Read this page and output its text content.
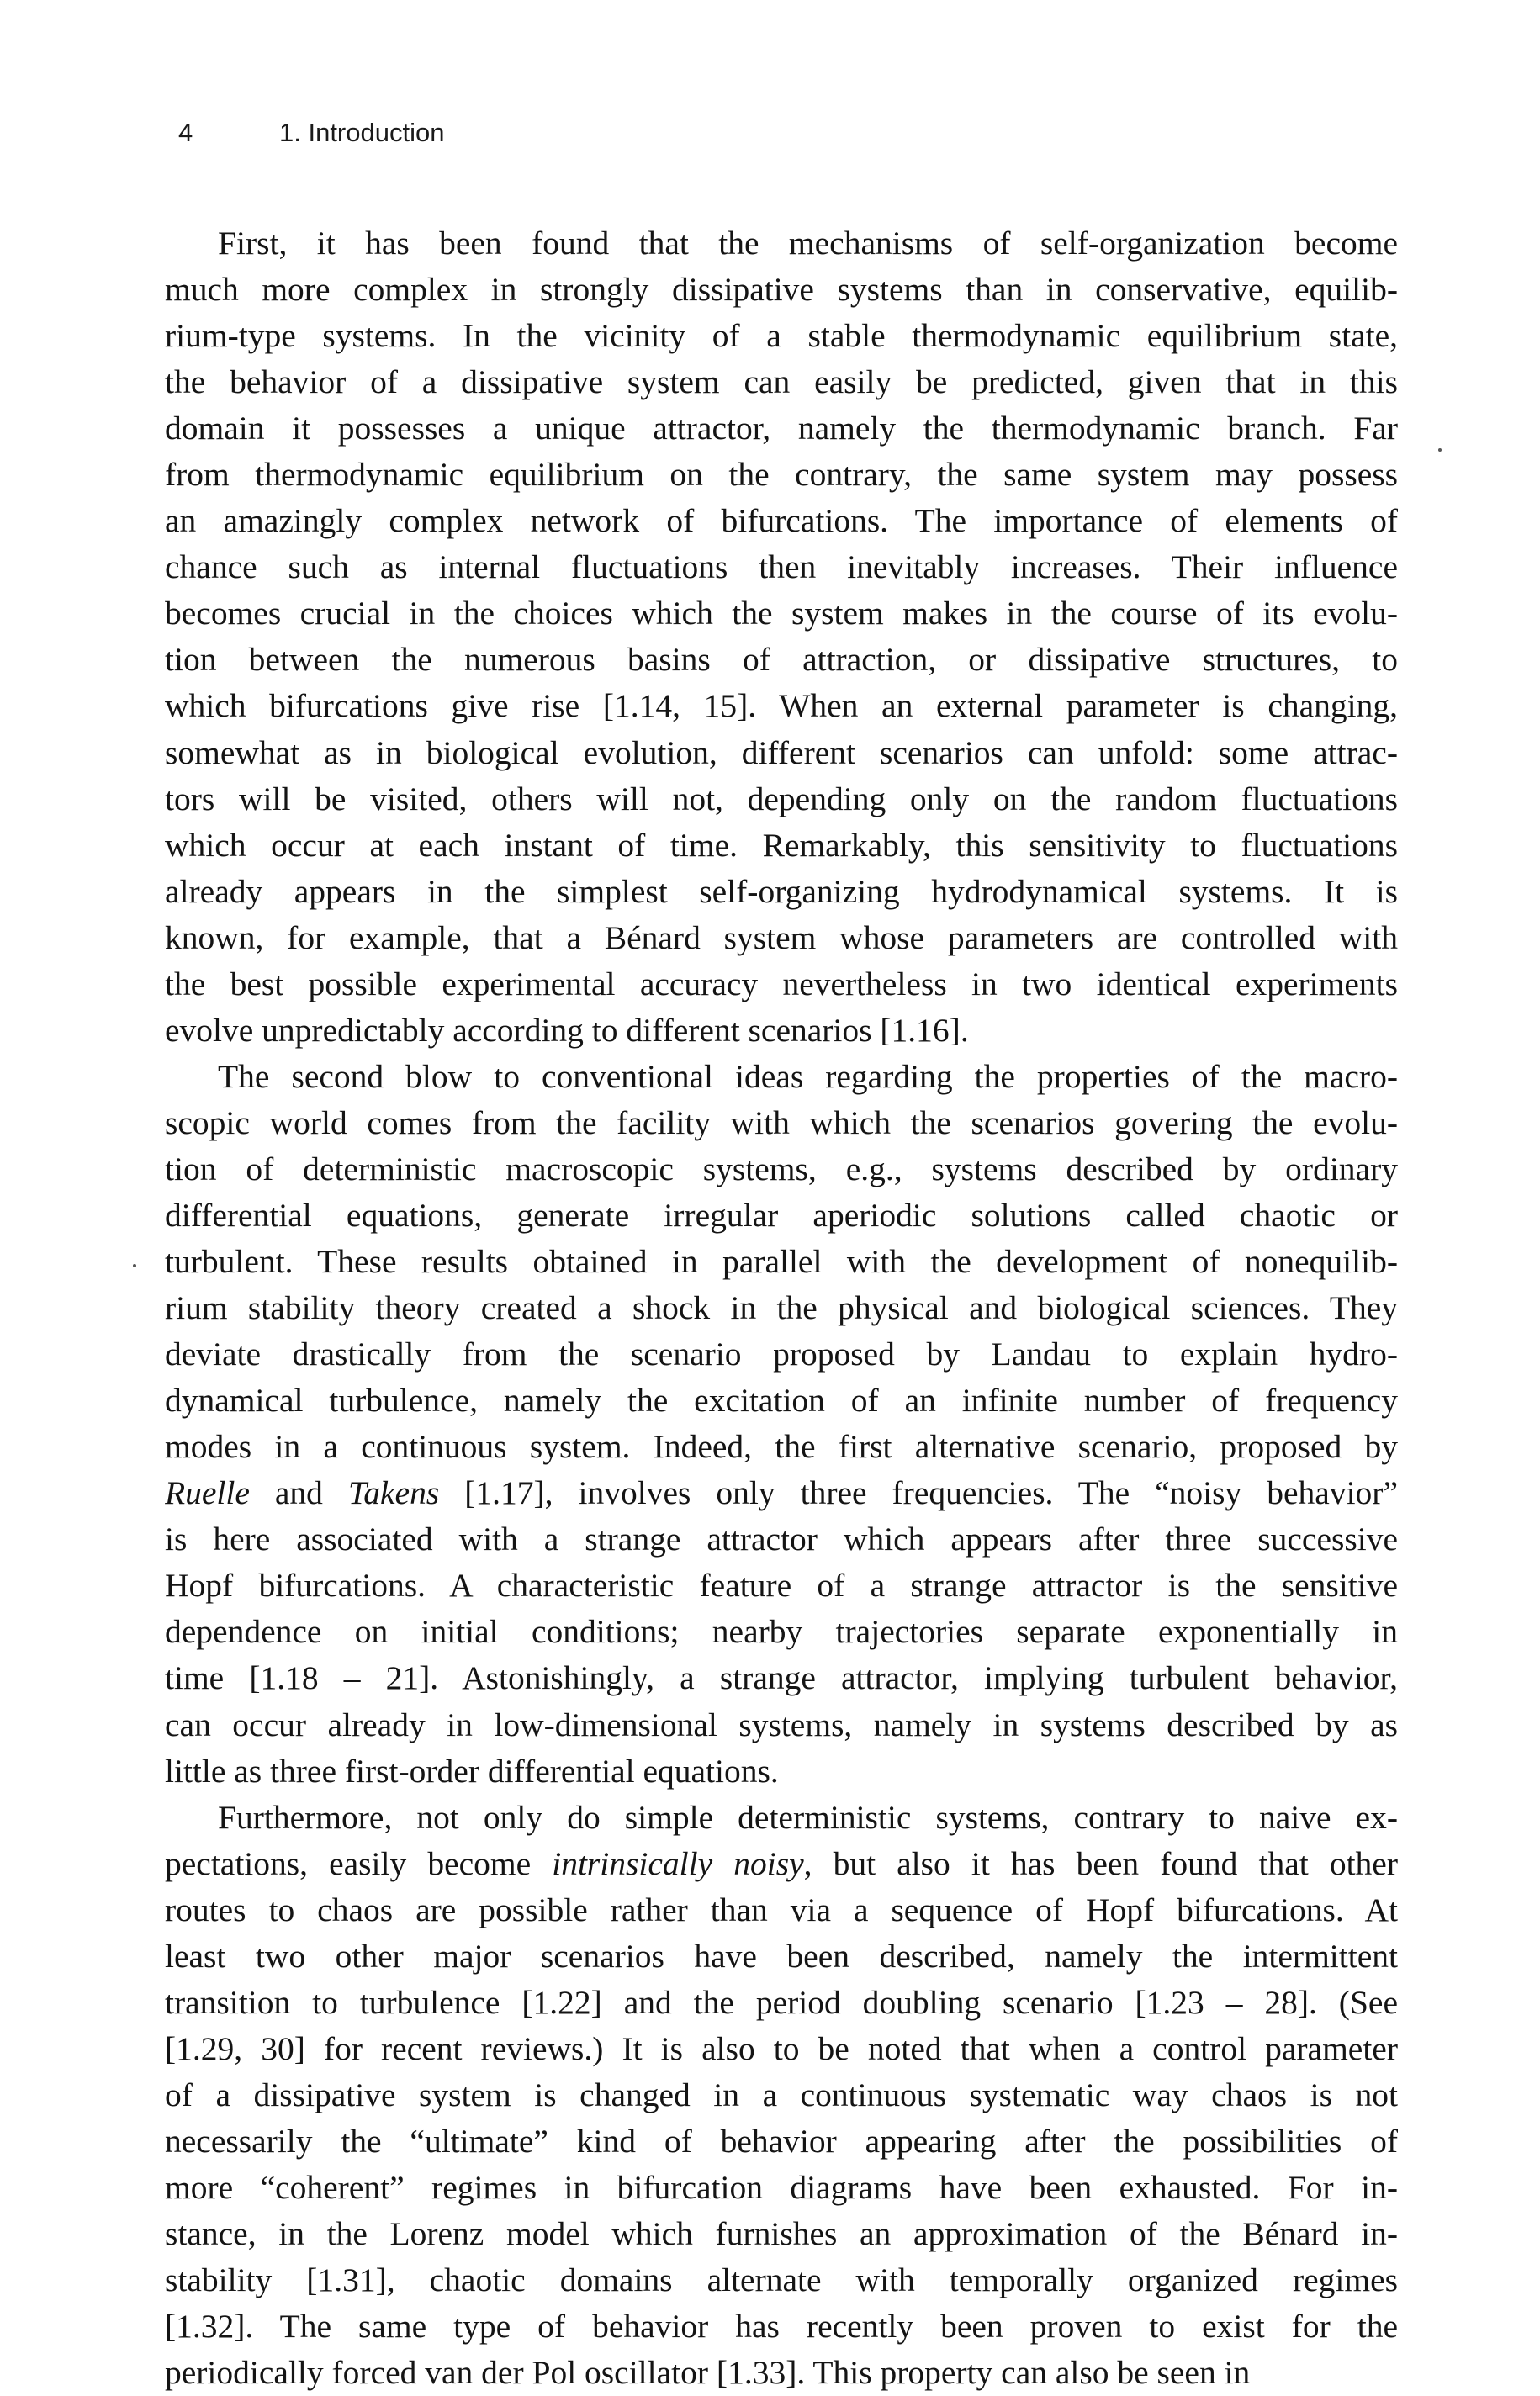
4	1. Introduction
First, it has been found that the mechanisms of self-organization become
much more complex in strongly dissipative systems than in conservative, equilib-
rium-type systems. In the vicinity of a stable thermodynamic equilibrium state,
the behavior of a dissipative system can easily be predicted, given that in this
domain it possesses a unique attractor, namely the thermodynamic branch. Far
from thermodynamic equilibrium on the contrary, the same system may possess
an amazingly complex network of bifurcations. The importance of elements of
chance such as internal fluctuations then inevitably increases. Their influence
becomes crucial in the choices which the system makes in the course of its evolu-
tion between the numerous basins of attraction, or dissipative structures, to
which bifurcations give rise [1.14, 15]. When an external parameter is changing,
somewhat as in biological evolution, different scenarios can unfold: some attrac-
tors will be visited, others will not, depending only on the random fluctuations
which occur at each instant of time. Remarkably, this sensitivity to fluctuations
already appears in the simplest self-organizing hydrodynamical systems. It is
known, for example, that a Bénard system whose parameters are controlled with
the best possible experimental accuracy nevertheless in two identical experiments
evolve unpredictably according to different scenarios [1.16].
The second blow to conventional ideas regarding the properties of the macro-
scopic world comes from the facility with which the scenarios govering the evolu-
tion of deterministic macroscopic systems, e.g., systems described by ordinary
differential equations, generate irregular aperiodic solutions called chaotic or
turbulent. These results obtained in parallel with the development of nonequilib-
rium stability theory created a shock in the physical and biological sciences. They
deviate drastically from the scenario proposed by Landau to explain hydro-
dynamical turbulence, namely the excitation of an infinite number of frequency
modes in a continuous system. Indeed, the first alternative scenario, proposed by
Ruelle and Takens [1.17], involves only three frequencies. The “noisy behavior”
is here associated with a strange attractor which appears after three successive
Hopf bifurcations. A characteristic feature of a strange attractor is the sensitive
dependence on initial conditions; nearby trajectories separate exponentially in
time [1.18 – 21]. Astonishingly, a strange attractor, implying turbulent behavior,
can occur already in low-dimensional systems, namely in systems described by as
little as three first-order differential equations.
Furthermore, not only do simple deterministic systems, contrary to naive ex-
pectations, easily become intrinsically noisy, but also it has been found that other
routes to chaos are possible rather than via a sequence of Hopf bifurcations. At
least two other major scenarios have been described, namely the intermittent
transition to turbulence [1.22] and the period doubling scenario [1.23 – 28]. (See
[1.29, 30] for recent reviews.) It is also to be noted that when a control parameter
of a dissipative system is changed in a continuous systematic way chaos is not
necessarily the “ultimate” kind of behavior appearing after the possibilities of
more “coherent” regimes in bifurcation diagrams have been exhausted. For in-
stance, in the Lorenz model which furnishes an approximation of the Bénard in-
stability [1.31], chaotic domains alternate with temporally organized regimes
[1.32]. The same type of behavior has recently been proven to exist for the
periodically forced van der Pol oscillator [1.33]. This property can also be seen in
